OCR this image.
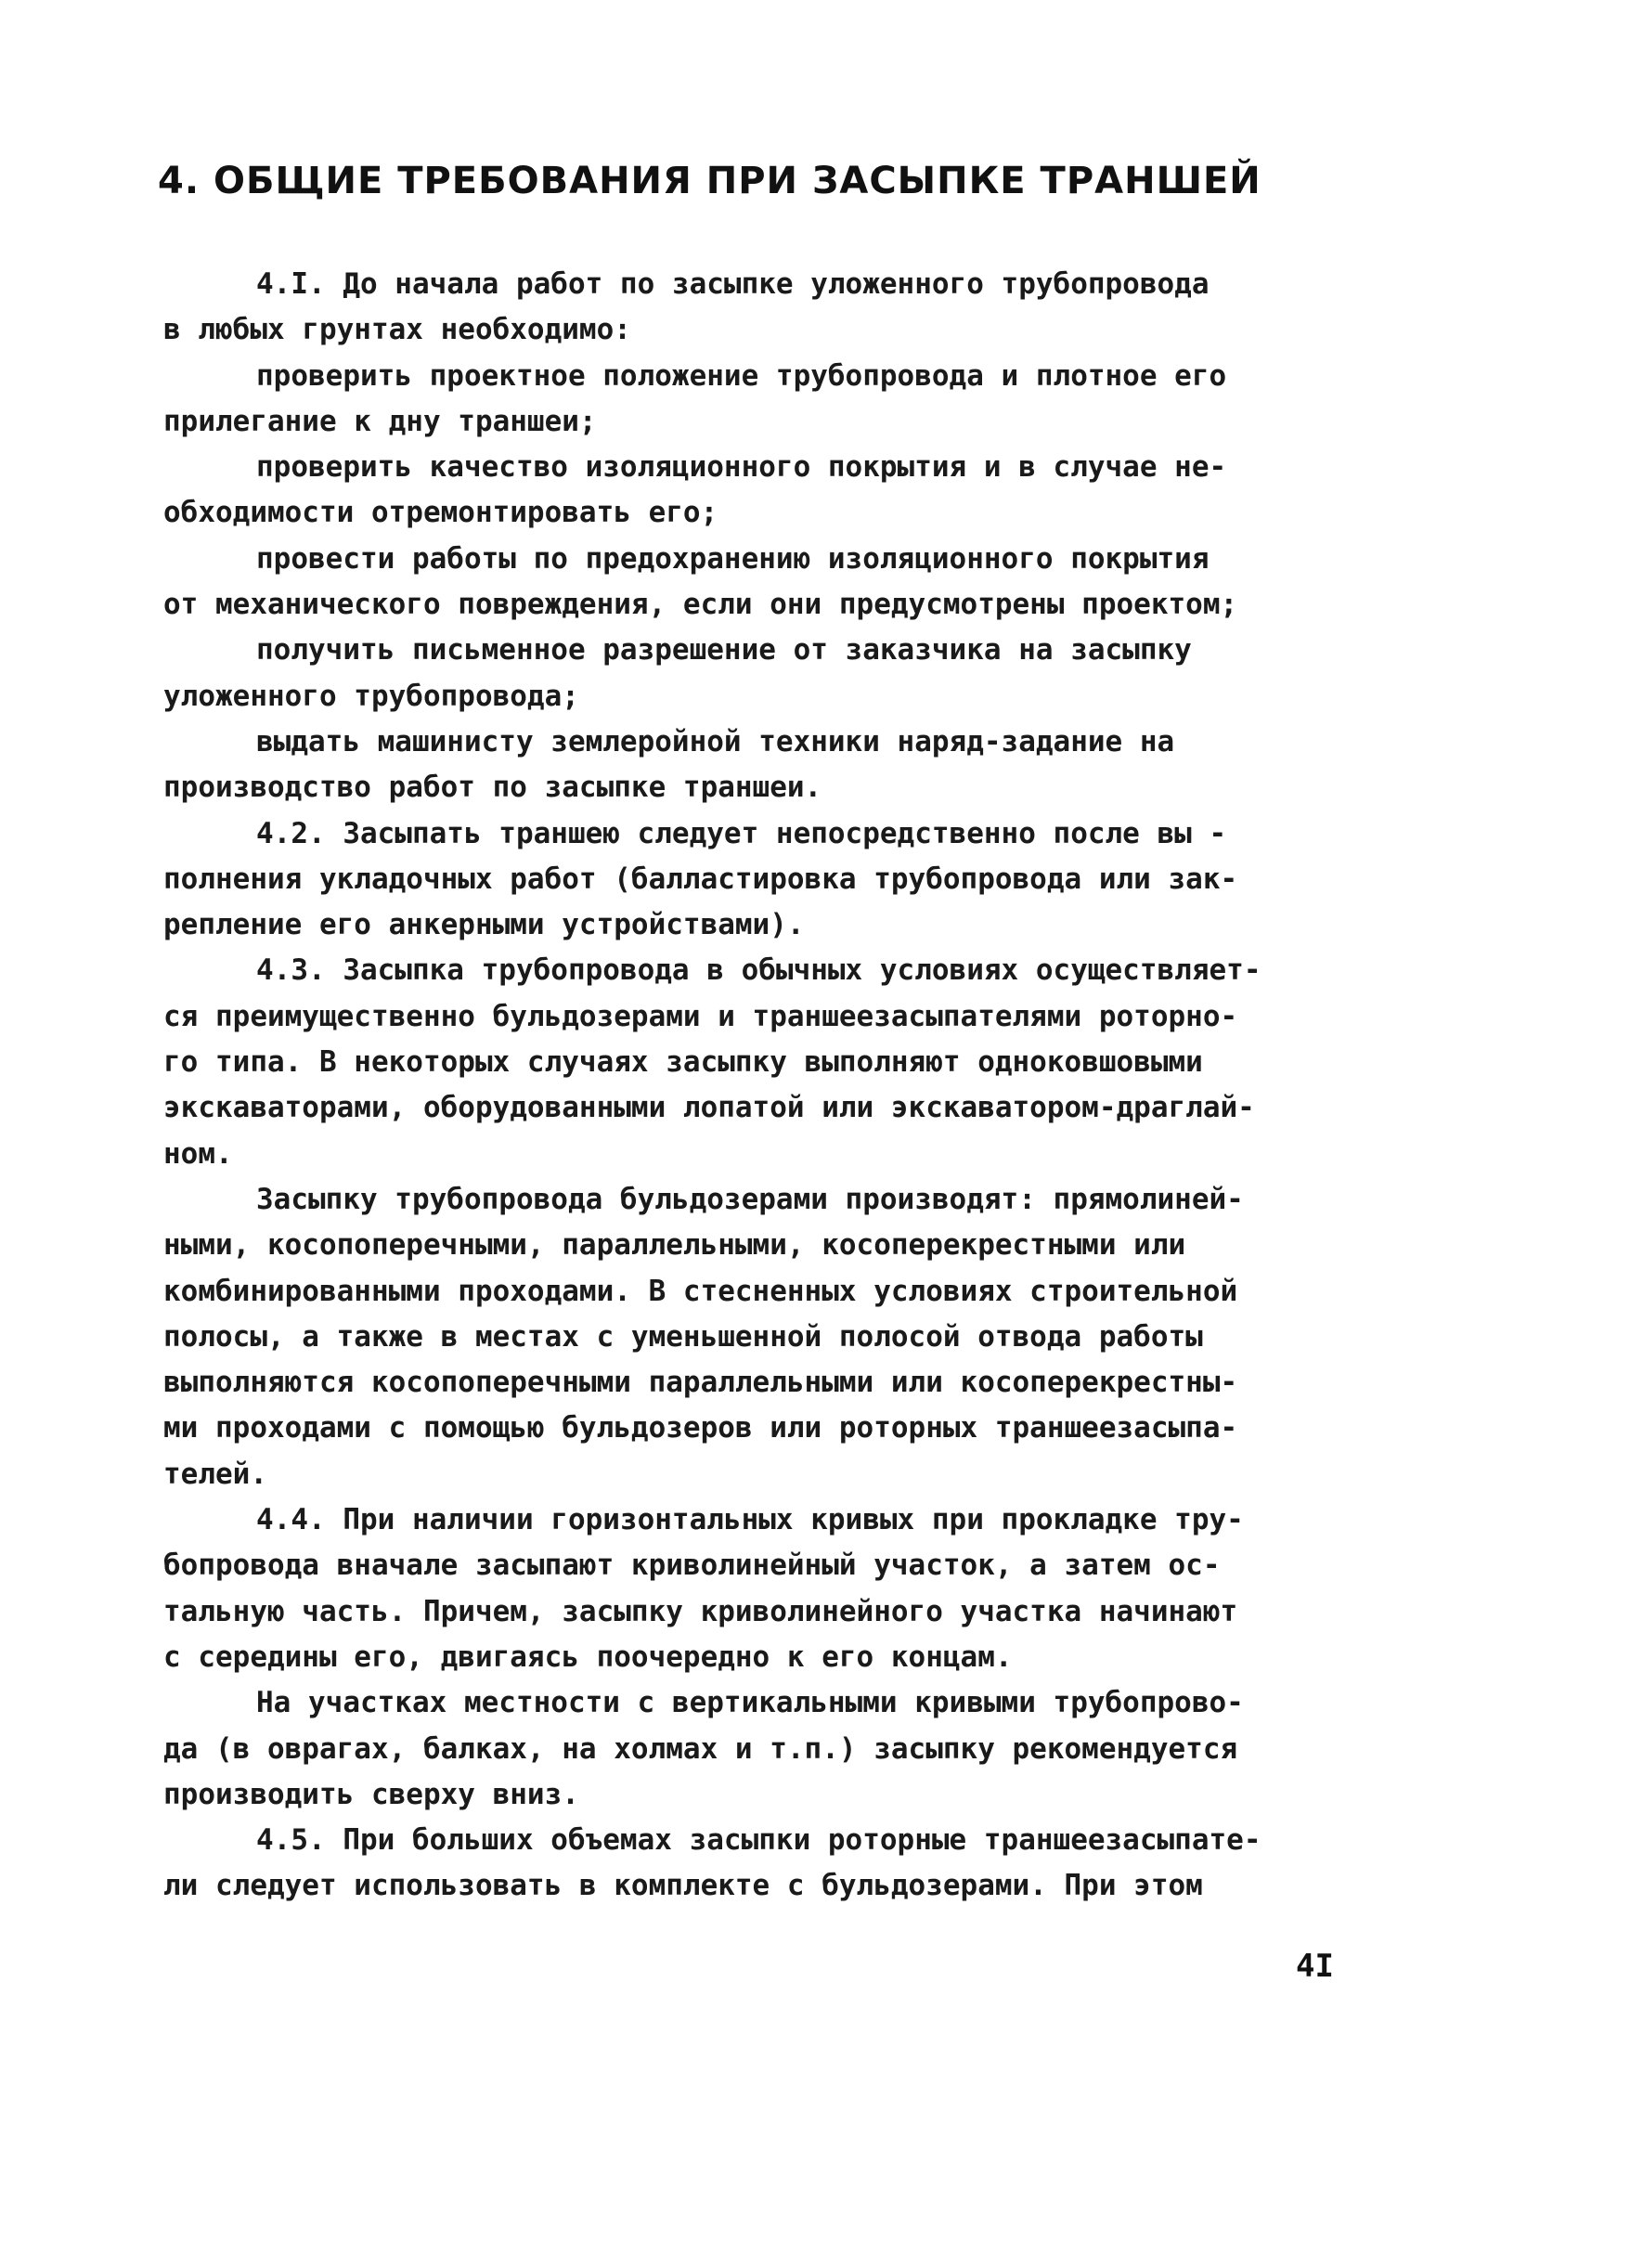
4. ОБЩИЕ ТРЕБОВАНИЯ ПРИ ЗАСЫПКЕ ТРАНШЕЙ
4.I. До начала работ по засыпке уложенного трубопровода
в любых грунтах необходимо:
проверить проектное положение трубопровода и плотное его
прилегание к дну траншеи;
проверить качество изоляционного покрытия и в случае не-
обходимости отремонтировать его;
провести работы по предохранению изоляционного покрытия
от механического повреждения, если они предусмотрены проектом;
получить письменное разрешение от заказчика на засыпку
уложенного трубопровода;
выдать машинисту землеройной техники наряд-задание на
производство работ по засыпке траншеи.
4.2. Засыпать траншею следует непосредственно после вы -
полнения укладочных работ (балластировка трубопровода или зак-
репление его анкерными устройствами).
4.3. Засыпка трубопровода в обычных условиях осуществляет-
ся преимущественно бульдозерами и траншеезасыпателями роторно-
го типа. В некоторых случаях засыпку выполняют одноковшовыми
экскаваторами, оборудованными лопатой или экскаватором-драглай-
ном.
Засыпку трубопровода бульдозерами производят: прямолиней-
ными, косопоперечными, параллельными, косоперекрестными или
комбинированными проходами. В стесненных условиях строительной
полосы, а также в местах с уменьшенной полосой отвода работы
выполняются косопоперечными параллельными или косоперекрестны-
ми проходами с помощью бульдозеров или роторных траншеезасыпа-
телей.
4.4. При наличии горизонтальных кривых при прокладке тру-
бопровода вначале засыпают криволинейный участок, а затем ос-
тальную часть. Причем, засыпку криволинейного участка начинают
с середины его, двигаясь поочередно к его концам.
На участках местности с вертикальными кривыми трубопрово-
да (в оврагах, балках, на холмах и т.п.) засыпку рекомендуется
производить сверху вниз.
4.5. При больших объемах засыпки роторные траншеезасыпате-
ли следует использовать в комплекте с бульдозерами. При этом
4I
